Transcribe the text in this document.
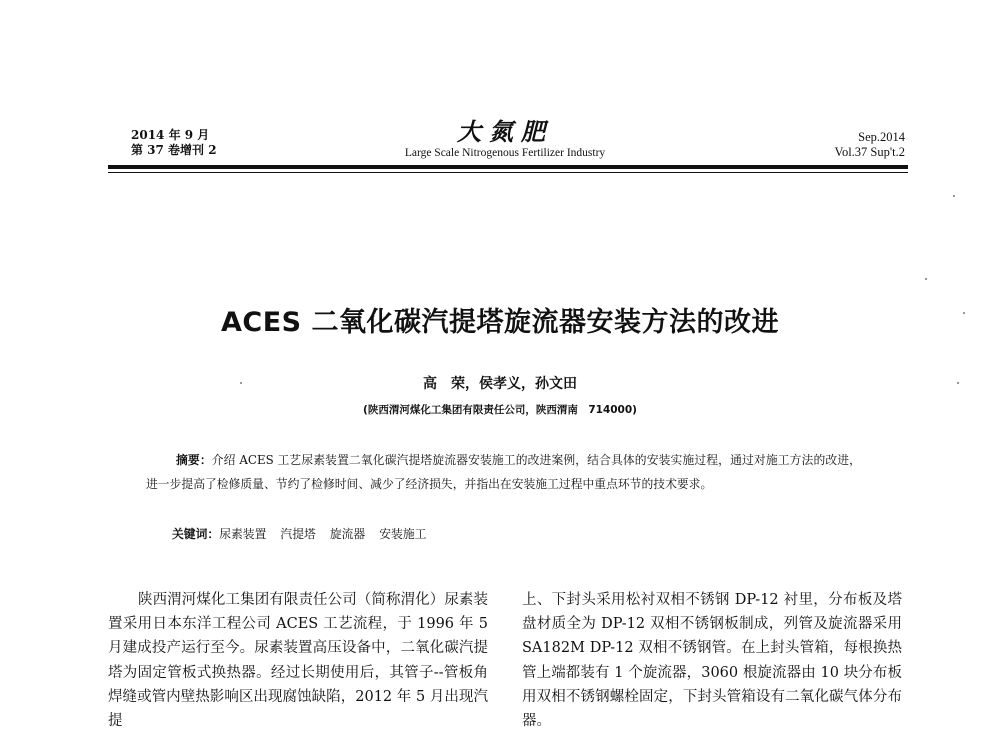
2014 年 9 月
第 37 卷增刊 2
大氮肥
Large Scale Nitrogenous Fertilizer Industry
Sep.2014
Vol.37 Sup't.2
ACES 二氧化碳汽提塔旋流器安装方法的改进
高　荣，侯孝义，孙文田
(陕西渭河煤化工集团有限责任公司，陕西渭南　714000)
摘要：介绍 ACES 工艺尿素装置二氧化碳汽提塔旋流器安装施工的改进案例，结合具体的安装实施过程，通过对施工方法的改进，进一步提高了检修质量、节约了检修时间、减少了经济损失，并指出在安装施工过程中重点环节的技术要求。
关键词：尿素装置 汽提塔 旋流器 安装施工
陕西渭河煤化工集团有限责任公司（简称渭化）尿素装置采用日本东洋工程公司 ACES 工艺流程，于 1996 年 5 月建成投产运行至今。尿素装置高压设备中，二氧化碳汽提塔为固定管板式换热器。经过长期使用后，其管子--管板角焊缝或管内壁热影响区出现腐蚀缺陷，2012 年 5 月出现汽提
上、下封头采用松衬双相不锈钢 DP-12 衬里，分布板及塔盘材质全为 DP-12 双相不锈钢板制成，列管及旋流器采用 SA182M DP-12 双相不锈钢管。在上封头管箱，每根换热管上端都装有 1 个旋流器，3060 根旋流器由 10 块分布板用双相不锈钢螺栓固定，下封头管箱设有二氧化碳气体分布器。
